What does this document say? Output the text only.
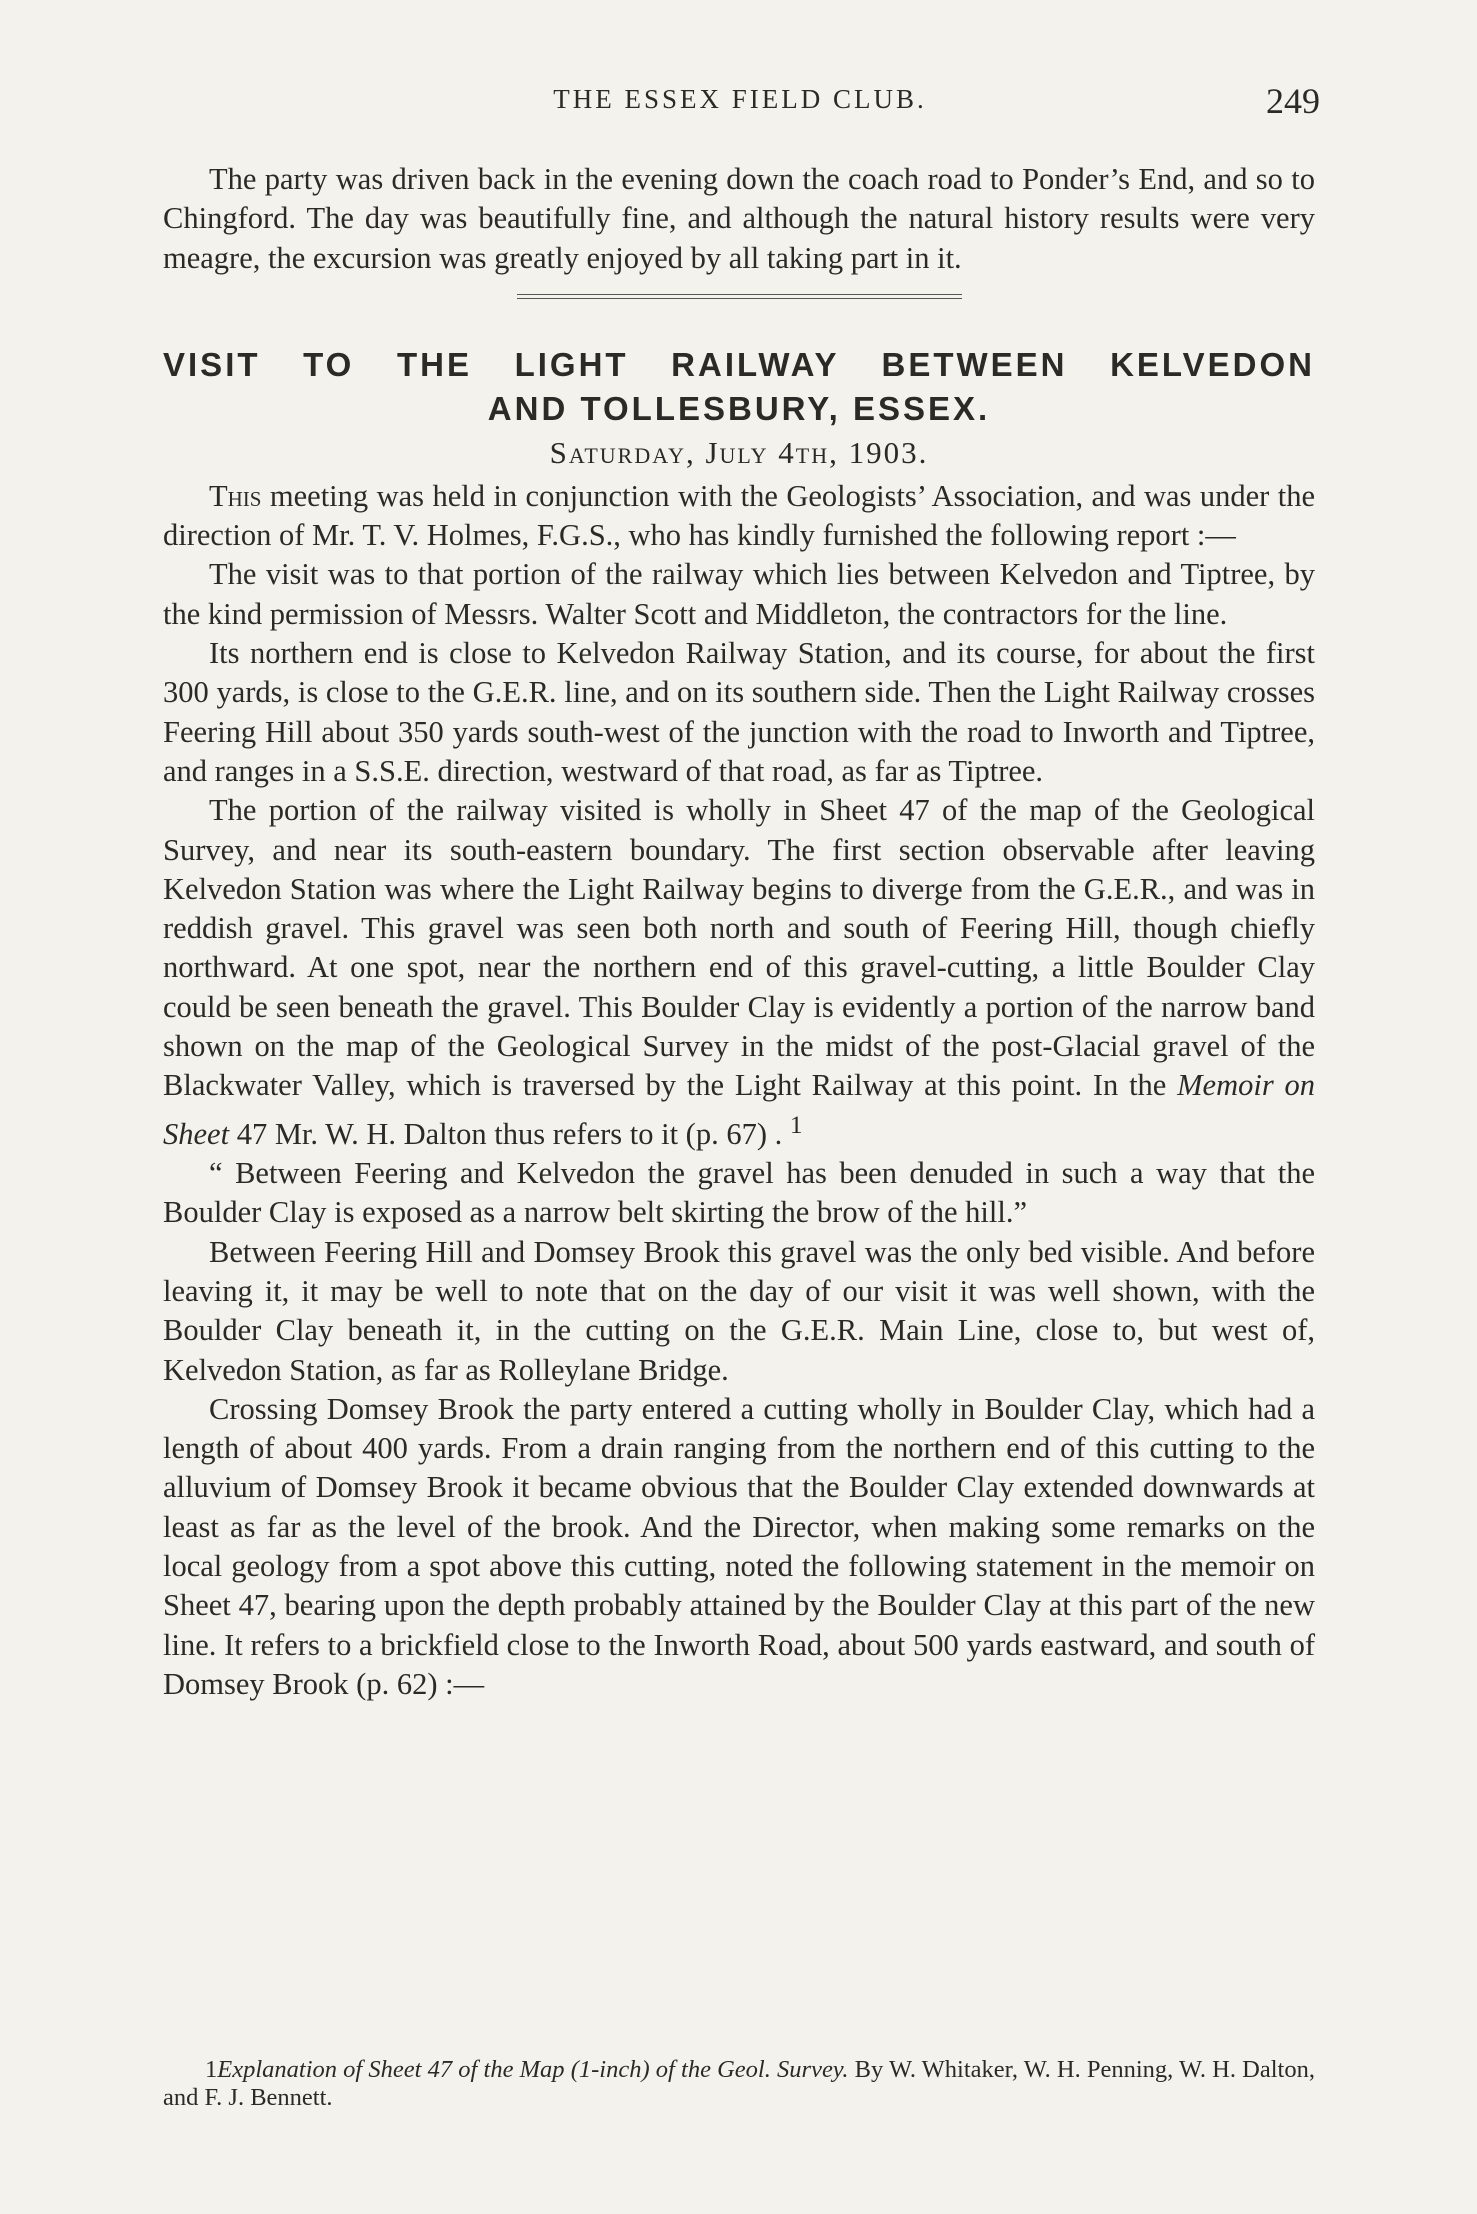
THE ESSEX FIELD CLUB.	249

The party was driven back in the evening down the coach road to Ponder’s End, and so to Chingford. The day was beautifully fine, and although the natural history results were very meagre, the excursion was greatly enjoyed by all taking part in it.

VISIT TO THE LIGHT RAILWAY BETWEEN KELVEDON
AND TOLLESBURY, ESSEX.
Saturday, July 4th, 1903.

This meeting was held in conjunction with the Geologists’ Association, and was under the direction of Mr. T. V. Holmes, F.G.S., who has kindly furnished the following report :—

The visit was to that portion of the railway which lies between Kelvedon and Tiptree, by the kind permission of Messrs. Walter Scott and Middleton, the contractors for the line.

Its northern end is close to Kelvedon Railway Station, and its course, for about the first 300 yards, is close to the G.E.R. line, and on its southern side. Then the Light Railway crosses Feering Hill about 350 yards south-west of the junction with the road to Inworth and Tiptree, and ranges in a S.S.E. direction, westward of that road, as far as Tiptree.

The portion of the railway visited is wholly in Sheet 47 of the map of the Geological Survey, and near its south-eastern boundary. The first section observable after leaving Kelvedon Station was where the Light Railway begins to diverge from the G.E.R., and was in reddish gravel. This gravel was seen both north and south of Feering Hill, though chiefly northward. At one spot, near the northern end of this gravel-cutting, a little Boulder Clay could be seen beneath the gravel. This Boulder Clay is evidently a portion of the narrow band shown on the map of the Geological Survey in the midst of the post-Glacial gravel of the Blackwater Valley, which is traversed by the Light Railway at this point. In the Memoir on Sheet 47 Mr. W. H. Dalton thus refers to it (p. 67) . $^1$

“ Between Feering and Kelvedon the gravel has been denuded in such a way that the Boulder Clay is exposed as a narrow belt skirting the brow of the hill.”

Between Feering Hill and Domsey Brook this gravel was the only bed visible. And before leaving it, it may be well to note that on the day of our visit it was well shown, with the Boulder Clay beneath it, in the cutting on the G.E.R. Main Line, close to, but west of, Kelvedon Station, as far as Rolleylane Bridge.

Crossing Domsey Brook the party entered a cutting wholly in Boulder Clay, which had a length of about 400 yards. From a drain ranging from the northern end of this cutting to the alluvium of Domsey Brook it became obvious that the Boulder Clay extended downwards at least as far as the level of the brook. And the Director, when making some remarks on the local geology from a spot above this cutting, noted the following statement in the memoir on Sheet 47, bearing upon the depth probably attained by the Boulder Clay at this part of the new line. It refers to a brickfield close to the Inworth Road, about 500 yards eastward, and south of Domsey Brook (p. 62) :—

1Explanation of Sheet 47 of the Map (1-inch) of the Geol. Survey. By W. Whitaker, W. H. Penning, W. H. Dalton, and F. J. Bennett.
